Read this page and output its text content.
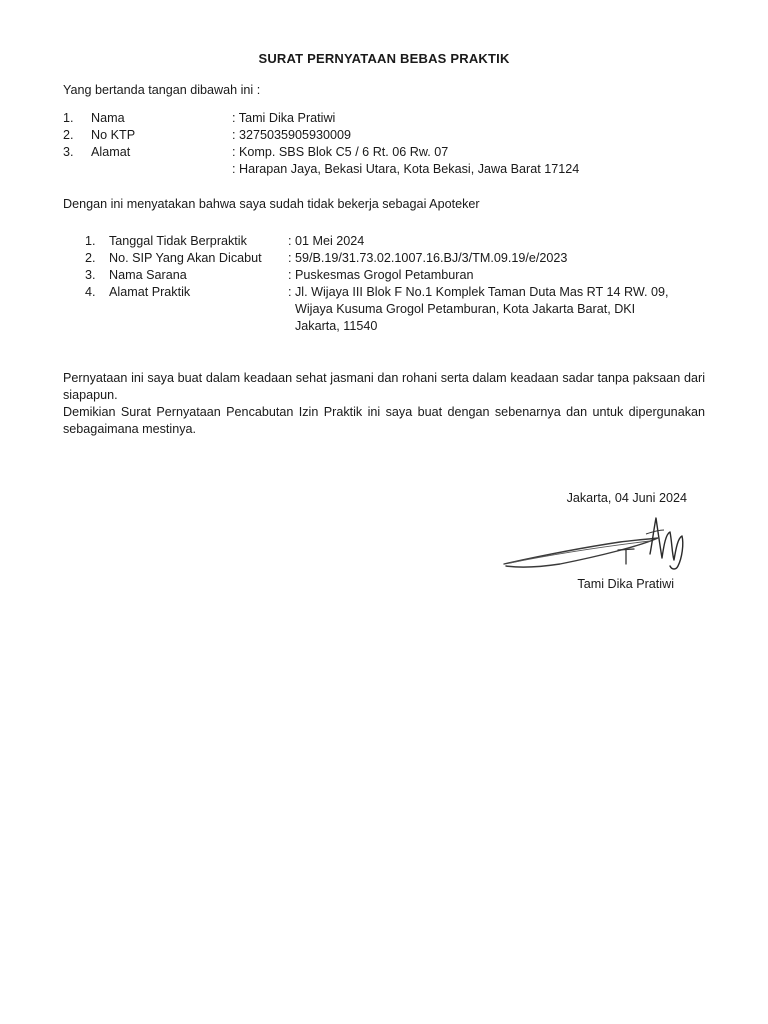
SURAT PERNYATAAN BEBAS PRAKTIK
Yang bertanda tangan dibawah ini :
1. Nama	: Tami Dika Pratiwi
2. No KTP	: 3275035905930009
3. Alamat	: Komp. SBS Blok C5 / 6 Rt. 06 Rw. 07
: Harapan Jaya, Bekasi Utara, Kota Bekasi, Jawa Barat 17124
Dengan ini menyatakan bahwa saya sudah tidak bekerja sebagai Apoteker
1. Tanggal Tidak Berpraktik	: 01 Mei 2024
2. No. SIP Yang Akan Dicabut : 59/B.19/31.73.02.1007.16.BJ/3/TM.09.19/e/2023
3. Nama Sarana	: Puskesmas Grogol Petamburan
4. Alamat Praktik	: Jl. Wijaya III Blok F No.1 Komplek Taman Duta Mas RT 14 RW. 09,
Wijaya Kusuma Grogol Petamburan, Kota Jakarta Barat, DKI
Jakarta, 11540
Pernyataan ini saya buat dalam keadaan sehat jasmani dan rohani serta dalam keadaan sadar tanpa paksaan dari siapapun.
Demikian Surat Pernyataan Pencabutan Izin Praktik ini saya buat dengan sebenarnya dan untuk dipergunakan sebagaimana mestinya.
Jakarta, 04 Juni 2024
Tami Dika Pratiwi
